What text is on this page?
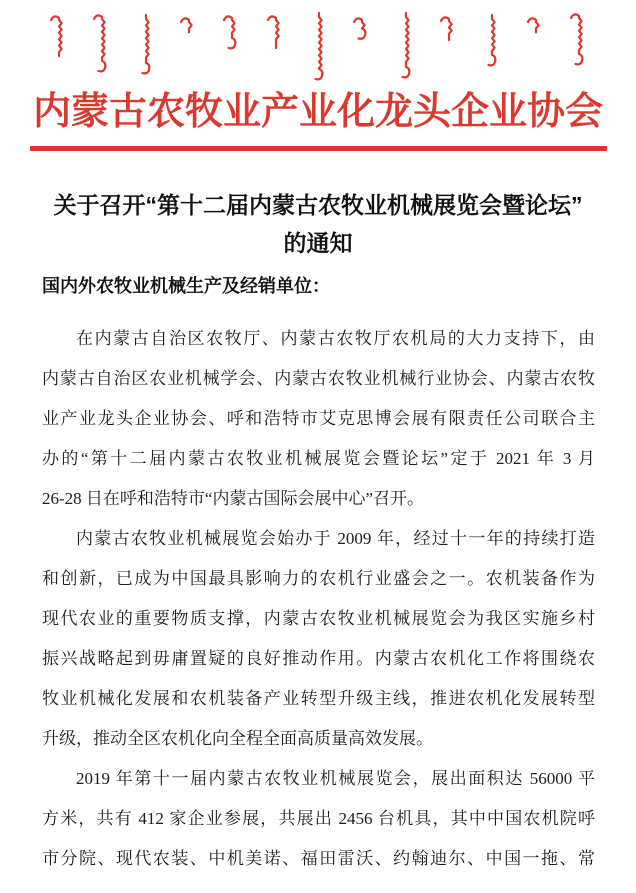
内蒙古农牧业产业化龙头企业协会
关于召开“第十二届内蒙古农牧业机械展览会暨论坛”
的通知
国内外农牧业机械生产及经销单位：
在内蒙古自治区农牧厅、内蒙古农牧厅农机局的大力支持下，由
内蒙古自治区农业机械学会、内蒙古农牧业机械行业协会、内蒙古农牧
业产业龙头企业协会、呼和浩特市艾克思博会展有限责任公司联合主
办的“第十二届内蒙古农牧业机械展览会暨论坛”定于 2021 年 3 月
26-28 日在呼和浩特市“内蒙古国际会展中心”召开。
内蒙古农牧业机械展览会始办于 2009 年，经过十一年的持续打造
和创新，已成为中国最具影响力的农机行业盛会之一。农机装备作为
现代农业的重要物质支撑，内蒙古农牧业机械展览会为我区实施乡村
振兴战略起到毋庸置疑的良好推动作用。内蒙古农机化工作将围绕农
牧业机械化发展和农机装备产业转型升级主线，推进农机化发展转型
升级，推动全区农机化向全程全面高质量高效发展。
2019 年第十一届内蒙古农牧业机械展览会，展出面积达 56000 平
方米，共有 412 家企业参展，共展出 2456 台机具，其中中国农机院呼
市分院、现代农装、中机美诺、福田雷沃、约翰迪尔、中国一拖、常
